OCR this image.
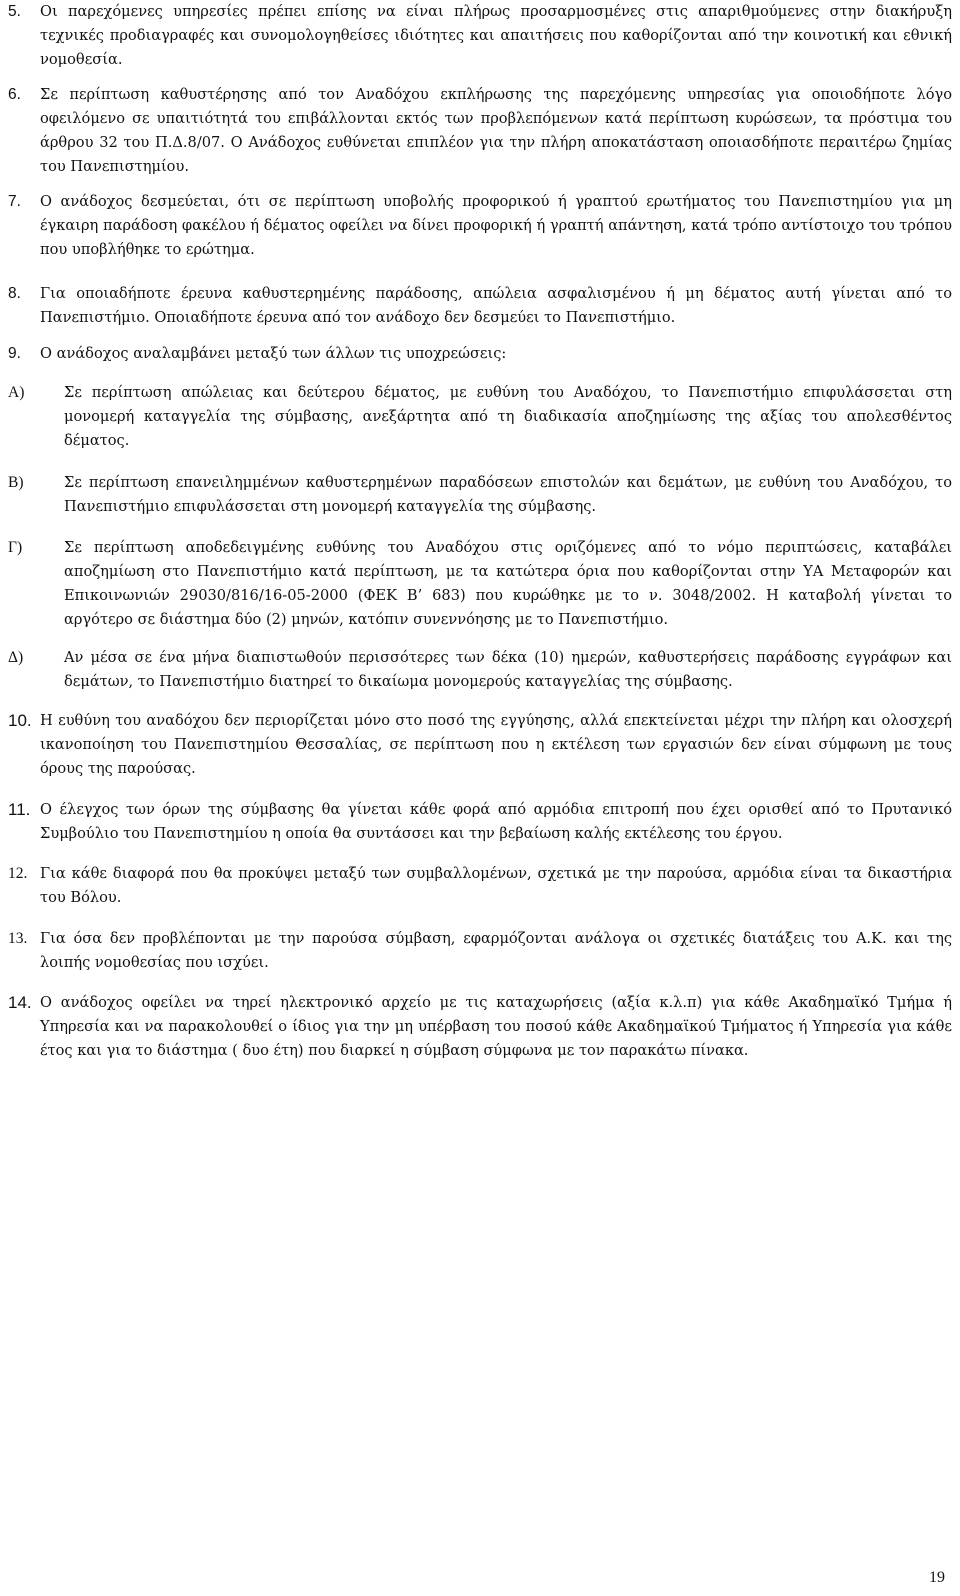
5.	Οι παρεχόμενες υπηρεσίες πρέπει επίσης να είναι πλήρως προσαρμοσμένες στις απαριθμούμενες στην διακήρυξη τεχνικές προδιαγραφές και συνομολογηθείσες ιδιότητες και απαιτήσεις που καθορίζονται από την κοινοτική και εθνική νομοθεσία.
6.	Σε περίπτωση καθυστέρησης από τον Αναδόχου εκπλήρωσης της παρεχόμενης υπηρεσίας για οποιοδήποτε λόγο οφειλόμενο σε υπαιτιότητά του επιβάλλονται εκτός των προβλεπόμενων κατά περίπτωση κυρώσεων, τα πρόστιμα του άρθρου 32 του Π.Δ.8/07. Ο Ανάδοχος ευθύνεται επιπλέον για την πλήρη αποκατάσταση οποιασδήποτε περαιτέρω ζημίας του Πανεπιστημίου.
7.	Ο ανάδοχος δεσμεύεται, ότι σε περίπτωση υποβολής προφορικού ή γραπτού ερωτήματος του Πανεπιστημίου για μη έγκαιρη παράδοση φακέλου ή δέματος οφείλει να δίνει προφορική ή γραπτή απάντηση, κατά τρόπο αντίστοιχο του τρόπου που υποβλήθηκε το ερώτημα.
8.	Για οποιαδήποτε έρευνα καθυστερημένης παράδοσης, απώλεια ασφαλισμένου ή μη δέματος αυτή γίνεται από το Πανεπιστήμιο. Οποιαδήποτε έρευνα από τον ανάδοχο δεν δεσμεύει το Πανεπιστήμιο.
9.	Ο ανάδοχος αναλαμβάνει μεταξύ των άλλων τις υποχρεώσεις:
Α)	Σε περίπτωση απώλειας και δεύτερου δέματος, με ευθύνη του Αναδόχου, το Πανεπιστήμιο επιφυλάσσεται στη μονομερή καταγγελία της σύμβασης, ανεξάρτητα από τη διαδικασία αποζημίωσης της αξίας του απολεσθέντος δέματος.
Β)	Σε περίπτωση επανειλημμένων καθυστερημένων παραδόσεων επιστολών και δεμάτων, με ευθύνη του Αναδόχου, το Πανεπιστήμιο επιφυλάσσεται στη μονομερή καταγγελία της σύμβασης.
Γ)	Σε περίπτωση αποδεδειγμένης ευθύνης του Αναδόχου στις οριζόμενες από το νόμο περιπτώσεις, καταβάλει αποζημίωση στο Πανεπιστήμιο κατά περίπτωση, με τα κατώτερα όρια που καθορίζονται στην ΥΑ Μεταφορών και Επικοινωνιών 29030/816/16-05-2000 (ΦΕΚ Β’ 683) που κυρώθηκε με το ν. 3048/2002. Η καταβολή γίνεται το αργότερο σε διάστημα δύο (2) μηνών, κατόπιν συνεννόησης με το Πανεπιστήμιο.
Δ)	Αν μέσα σε ένα μήνα διαπιστωθούν περισσότερες των δέκα (10) ημερών, καθυστερήσεις παράδοσης εγγράφων και δεμάτων, το Πανεπιστήμιο διατηρεί το δικαίωμα μονομερούς καταγγελίας της σύμβασης.
10. Η ευθύνη του αναδόχου δεν περιορίζεται μόνο στο ποσό της εγγύησης, αλλά επεκτείνεται μέχρι την πλήρη και ολοσχερή ικανοποίηση του Πανεπιστημίου Θεσσαλίας, σε περίπτωση που η εκτέλεση των εργασιών δεν είναι σύμφωνη με τους όρους της παρούσας.
11. Ο έλεγχος των όρων της σύμβασης θα γίνεται κάθε φορά από αρμόδια επιτροπή που έχει ορισθεί από το Πρυτανικό Συμβούλιο του Πανεπιστημίου η οποία θα συντάσσει και την βεβαίωση καλής εκτέλεσης του έργου.
12. Για κάθε διαφορά που θα προκύψει μεταξύ των συμβαλλομένων, σχετικά με την παρούσα, αρμόδια είναι τα δικαστήρια του Βόλου.
13. Για όσα δεν προβλέπονται με την παρούσα σύμβαση, εφαρμόζονται ανάλογα οι σχετικές διατάξεις του Α.Κ. και της λοιπής νομοθεσίας που ισχύει.
14. Ο ανάδοχος οφείλει να τηρεί ηλεκτρονικό αρχείο με τις καταχωρήσεις (αξία κ.λ.π) για κάθε Ακαδημαϊκό Τμήμα ή Υπηρεσία και να παρακολουθεί ο ίδιος για την μη υπέρβαση του ποσού κάθε Ακαδημαϊκού Τμήματος ή Υπηρεσία για κάθε έτος και για το διάστημα ( δυο έτη) που διαρκεί η σύμβαση σύμφωνα με τον παρακάτω πίνακα.
19
